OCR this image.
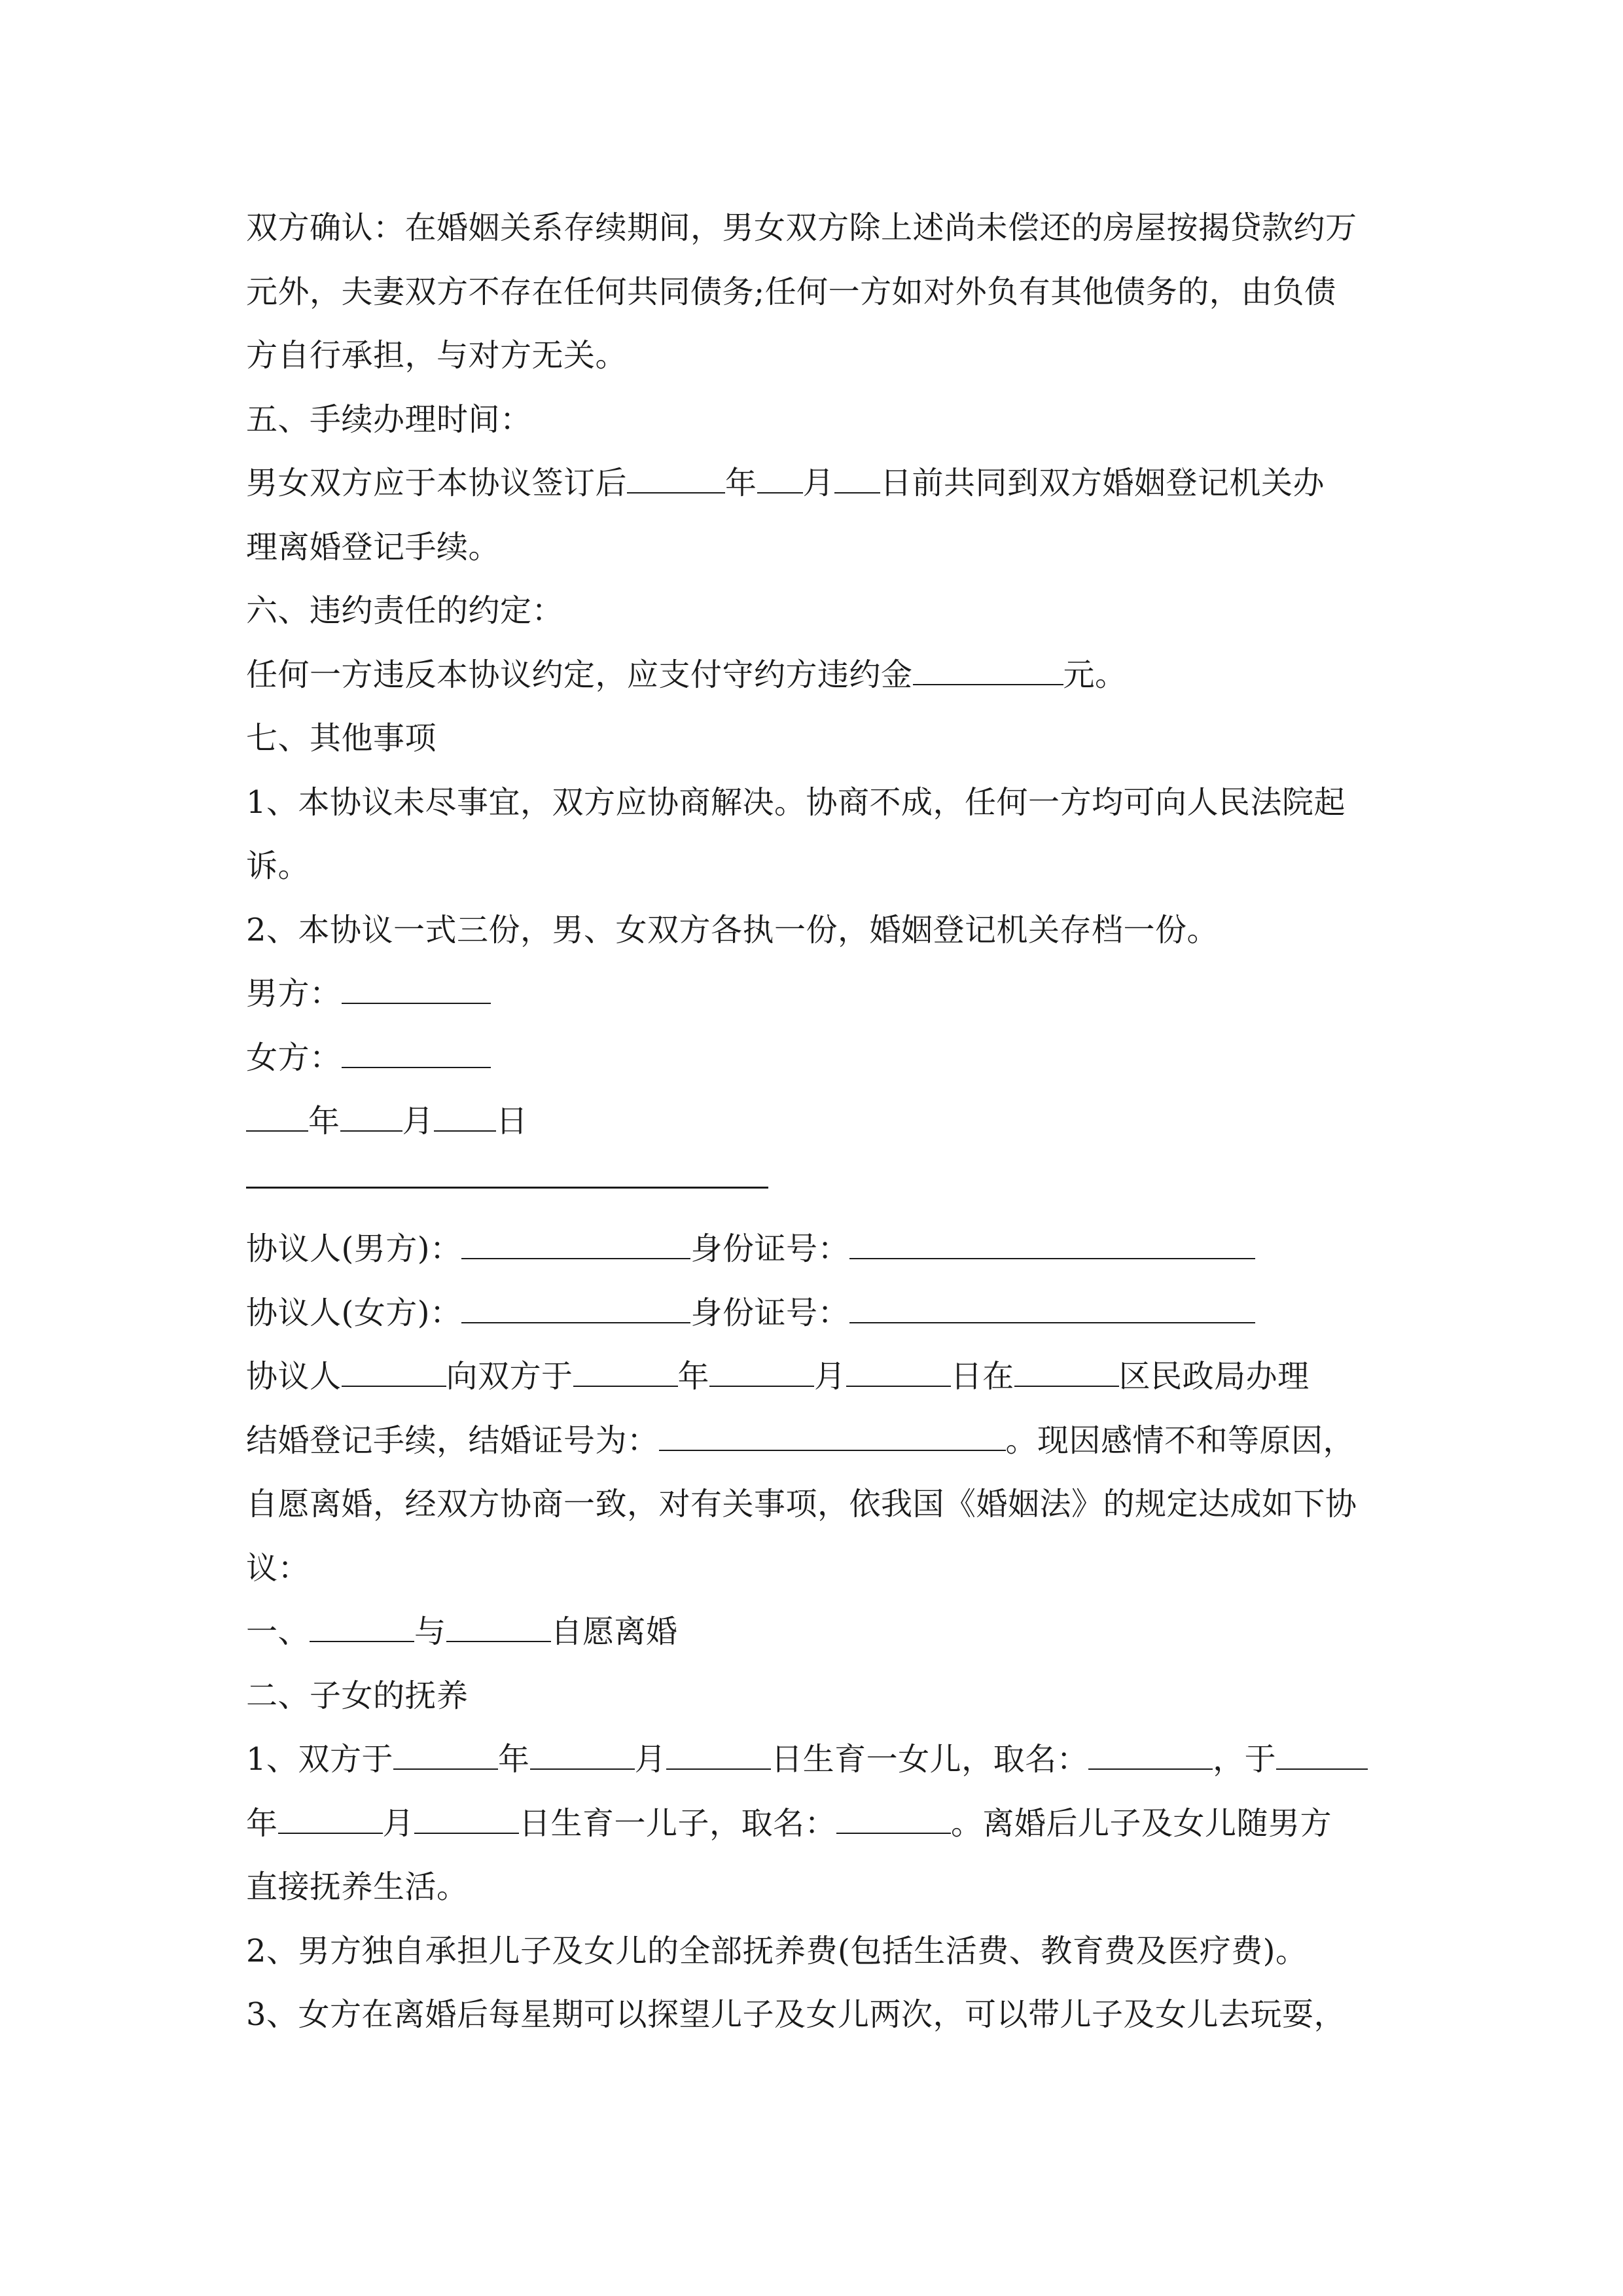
双方确认：在婚姻关系存续期间，男女双方除上述尚未偿还的房屋按揭贷款约万
元外，夫妻双方不存在任何共同债务;任何一方如对外负有其他债务的，由负债
方自行承担，与对方无关。
五、手续办理时间：
男女双方应于本协议签订后	年 月 日前共同到双方婚姻登记机关办
理离婚登记手续。
六、违约责任的约定：
任何一方违反本协议约定，应支付守约方违约金	元。
七、其他事项
1、本协议未尽事宜，双方应协商解决。协商不成，任何一方均可向人民法院起
诉。
2、本协议一式三份，男、女双方各执一份，婚姻登记机关存档一份。
男方：
女方：
年 月 日
协议人(男方)：	身份证号：
协议人(女方)：	身份证号：
协议人	向双方于	年	月	日在	区民政局办理
结婚登记手续，结婚证号为：	。现因感情不和等原因，
自愿离婚，经双方协商一致，对有关事项，依我国《婚姻法》的规定达成如下协
议：
一、	与	自愿离婚
二、子女的抚养
1、双方于	年	月	日生育一女儿，取名：	，于
年	月	日生育一儿子，取名：	。离婚后儿子及女儿随男方
直接抚养生活。
2、男方独自承担儿子及女儿的全部抚养费(包括生活费、教育费及医疗费)。
3、女方在离婚后每星期可以探望儿子及女儿两次，可以带儿子及女儿去玩耍，
